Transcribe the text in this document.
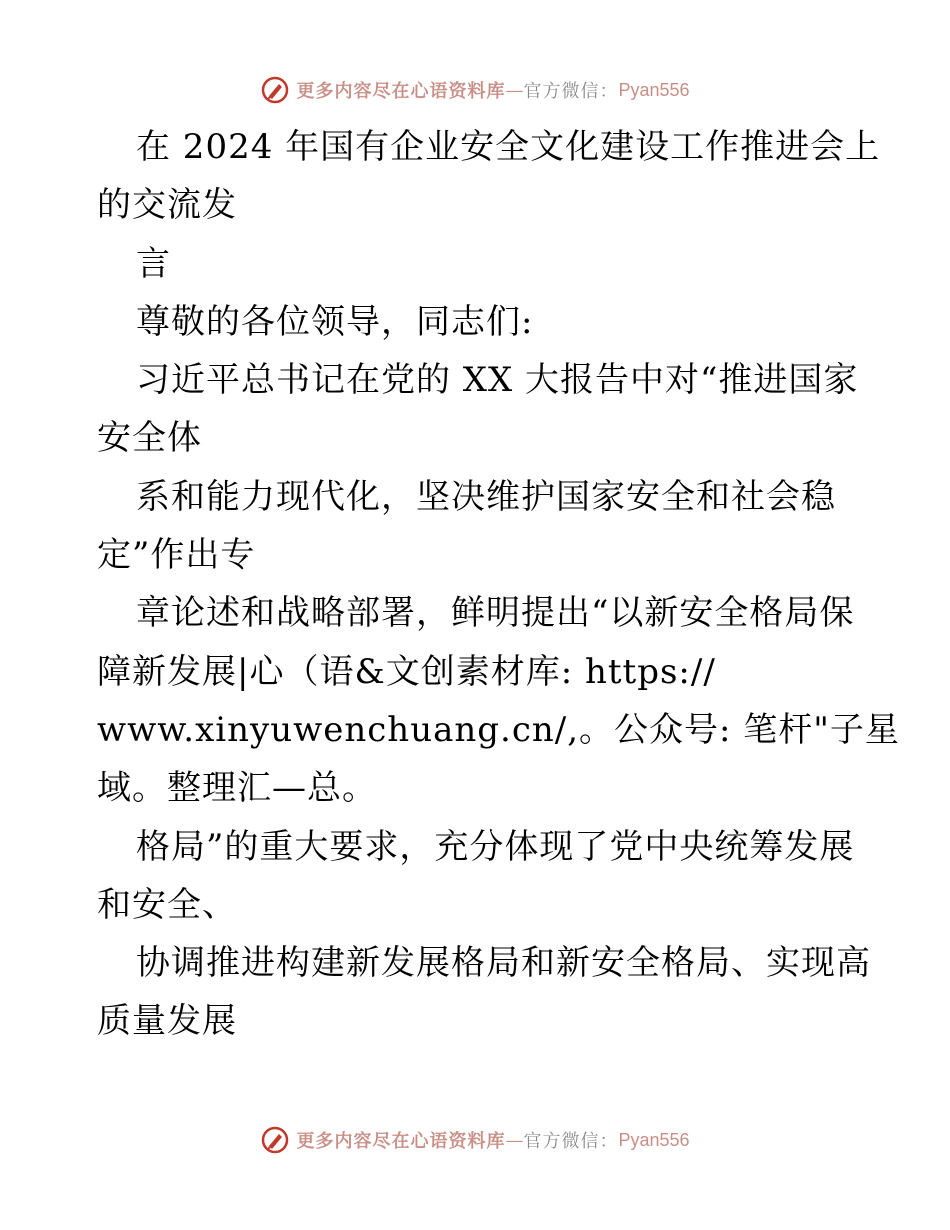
更多内容尽在心语资料库 — 官方微信： Pyan556
在 2024 年国有企业安全文化建设工作推进会上
的交流发
言
尊敬的各位领导，同志们:
习近平总书记在党的 XX 大报告中对“推进国家
安全体
系和能力现代化，坚决维护国家安全和社会稳
定”作出专
章论述和战略部署，鲜明提出“以新安全格局保
障新发展|心（语&文创素材库: https://
www.xinyuwenchuang.cn/,。公众号: 笔杆"子星
域。整理汇—总。
格局”的重大要求，充分体现了党中央统筹发展
和安全、
协调推进构建新发展格局和新安全格局、实现高
质量发展
更多内容尽在心语资料库 — 官方微信： Pyan556
